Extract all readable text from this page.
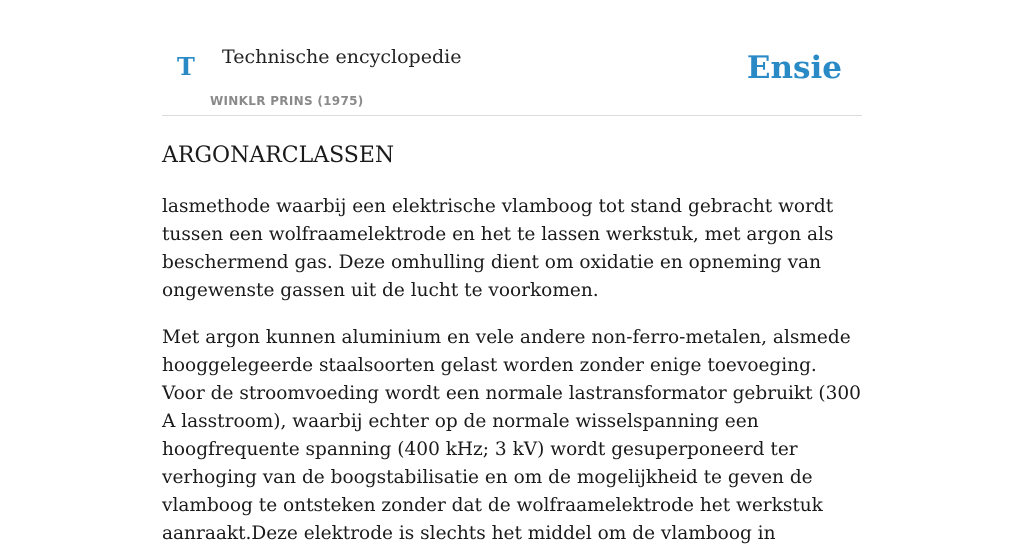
T Technische encyclopedie
WINKLR PRINS (1975)
Ensie
ARGONARCLASSEN

lasmethode waarbij een elektrische vlamboog tot stand gebracht wordt tussen een wolfraamelektrode en het te lassen werkstuk, met argon als beschermend gas. Deze omhulling dient om oxidatie en opneming van ongewenste gassen uit de lucht te voorkomen.

Met argon kunnen aluminium en vele andere non-ferro-metalen, alsmede hooggelegeerde staalsoorten gelast worden zonder enige toevoeging. Voor de stroomvoeding wordt een normale lastransformator gebruikt (300 A lasstroom), waarbij echter op de normale wisselspanning een hoogfrequente spanning (400 kHz; 3 kV) wordt gesuperponeerd ter verhoging van de boogstabilisatie en om de mogelijkheid te geven de vlamboog te ontsteken zonder dat de wolfraamelektrode het werkstuk aanraakt.Deze elektrode is slechts het middel om de vlamboog in
